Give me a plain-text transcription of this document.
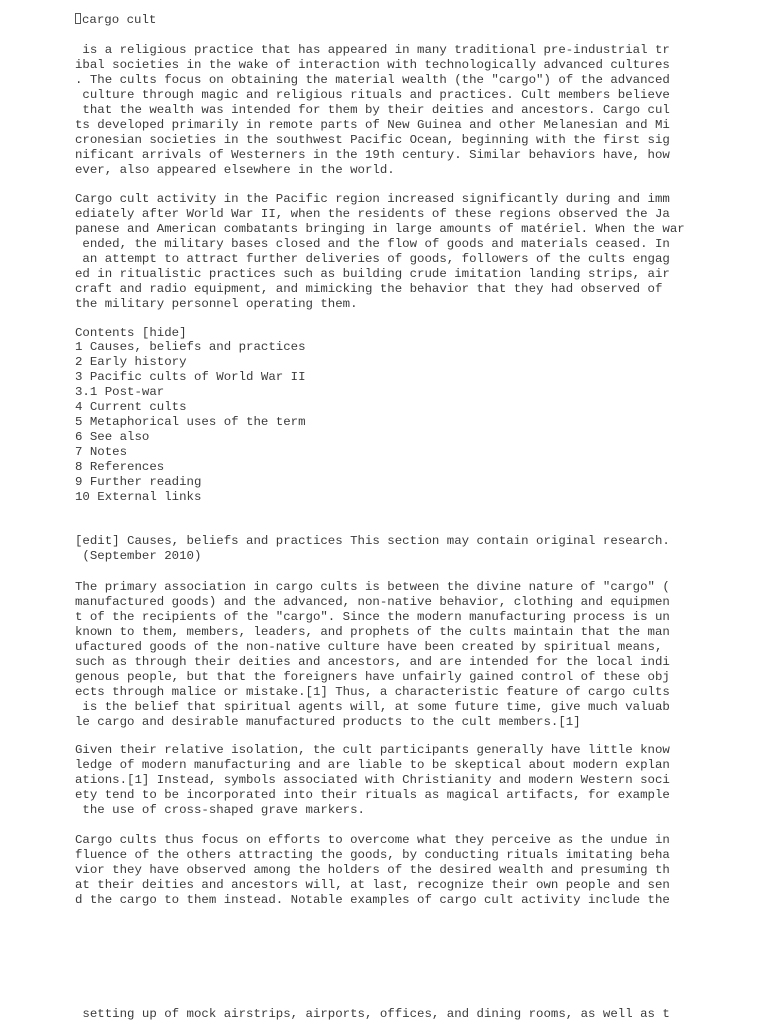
cargo cult
is a religious practice that has appeared in many traditional pre-industrial tr
ibal societies in the wake of interaction with technologically advanced cultures
. The cults focus on obtaining the material wealth (the "cargo") of the advanced
culture through magic and religious rituals and practices. Cult members believe
that the wealth was intended for them by their deities and ancestors. Cargo cul
ts developed primarily in remote parts of New Guinea and other Melanesian and Mi
cronesian societies in the southwest Pacific Ocean, beginning with the first sig
nificant arrivals of Westerners in the 19th century. Similar behaviors have, how
ever, also appeared elsewhere in the world.
Cargo cult activity in the Pacific region increased significantly during and imm
ediately after World War II, when the residents of these regions observed the Ja
panese and American combatants bringing in large amounts of matériel. When the war
ended, the military bases closed and the flow of goods and materials ceased. In
an attempt to attract further deliveries of goods, followers of the cults engag
ed in ritualistic practices such as building crude imitation landing strips, air
craft and radio equipment, and mimicking the behavior that they had observed of
the military personnel operating them.
Contents [hide]
1 Causes, beliefs and practices
2 Early history
3 Pacific cults of World War II
3.1 Post-war
4 Current cults
5 Metaphorical uses of the term
6 See also
7 Notes
8 References
9 Further reading
10 External links
[edit] Causes, beliefs and practices This section may contain original research.
(September 2010)
The primary association in cargo cults is between the divine nature of "cargo" (
manufactured goods) and the advanced, non-native behavior, clothing and equipmen
t of the recipients of the "cargo". Since the modern manufacturing process is un
known to them, members, leaders, and prophets of the cults maintain that the man
ufactured goods of the non-native culture have been created by spiritual means,
such as through their deities and ancestors, and are intended for the local indi
genous people, but that the foreigners have unfairly gained control of these obj
ects through malice or mistake.[1] Thus, a characteristic feature of cargo cults
is the belief that spiritual agents will, at some future time, give much valuab
le cargo and desirable manufactured products to the cult members.[1]
Given their relative isolation, the cult participants generally have little know
ledge of modern manufacturing and are liable to be skeptical about modern explan
ations.[1] Instead, symbols associated with Christianity and modern Western soci
ety tend to be incorporated into their rituals as magical artifacts, for example
the use of cross-shaped grave markers.
Cargo cults thus focus on efforts to overcome what they perceive as the undue in
fluence of the others attracting the goods, by conducting rituals imitating beha
vior they have observed among the holders of the desired wealth and presuming th
at their deities and ancestors will, at last, recognize their own people and sen
d the cargo to them instead. Notable examples of cargo cult activity include the
setting up of mock airstrips, airports, offices, and dining rooms, as well as t
